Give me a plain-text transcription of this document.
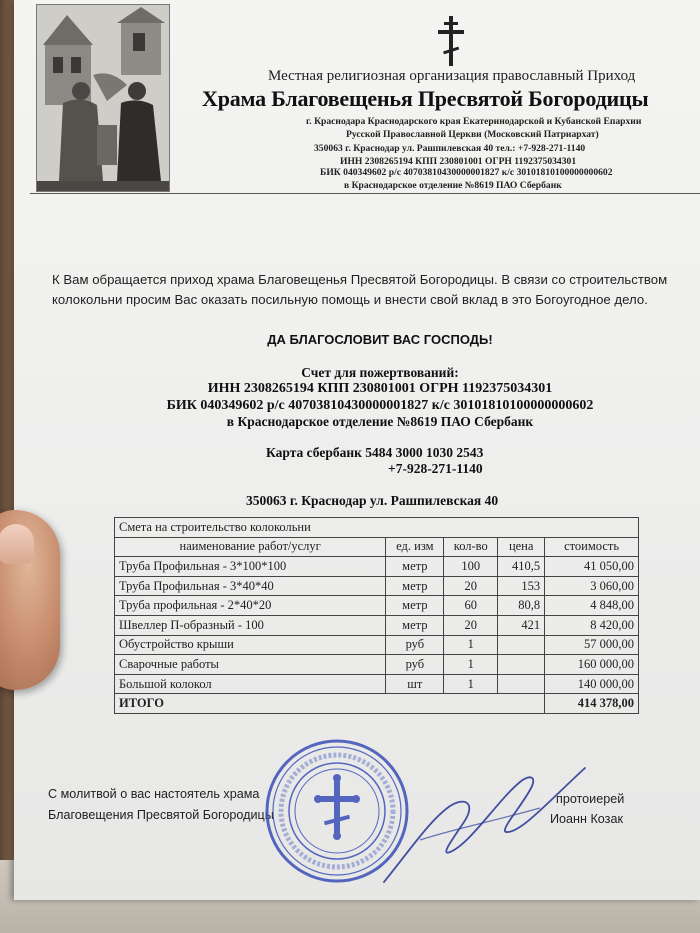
Местная религиозная организация православный Приход
Храма Благовещенья Пресвятой Богородицы
г. Краснодара Краснодарского края Екатеринодарской и Кубанской Епархии
Русской Православной Церкви (Московский Патриархат)
350063 г. Краснодар ул. Рашпилевская 40 тел.: +7-928-271-1140
ИНН 2308265194 КПП 230801001 ОГРН 1192375034301
БИК 040349602 р/с 40703810430000001827 к/с 30101810100000000602
в Краснодарское отделение №8619 ПАО Сбербанк
К Вам обращается приход храма Благовещенья Пресвятой Богородицы. В связи со строительством
колокольни просим Вас оказать посильную помощь и внести свой вклад в это Богоугодное дело.
ДА БЛАГОСЛОВИТ ВАС ГОСПОДЬ!
Счет для пожертвований:
ИНН 2308265194 КПП 230801001 ОГРН 1192375034301
БИК 040349602 р/с 40703810430000001827 к/с 30101810100000000602
в Краснодарское отделение №8619 ПАО Сбербанк
Карта сбербанк 5484 3000 1030 2543
+7-928-271-1140
350063 г. Краснодар ул. Рашпилевская 40
Смета на строительство колокольни				
наименование работ/услуг	ед. изм	кол-во	цена	стоимость
Труба Профильная - 3*100*100	метр	100	410,5	41 050,00
Труба Профильная - 3*40*40	метр	20	153	3 060,00
Труба профильная - 2*40*20	метр	60	80,8	4 848,00
Швеллер П-образный - 100	метр	20	421	8 420,00
Обустройство крыши	руб	1		57 000,00
Сварочные работы	руб	1		160 000,00
Большой колокол	шт	1		140 000,00
ИТОГО				414 378,00
С молитвой о вас настоятель храма
Благовещения Пресвятой Богородицы
протоиерей
Иоанн Козак
